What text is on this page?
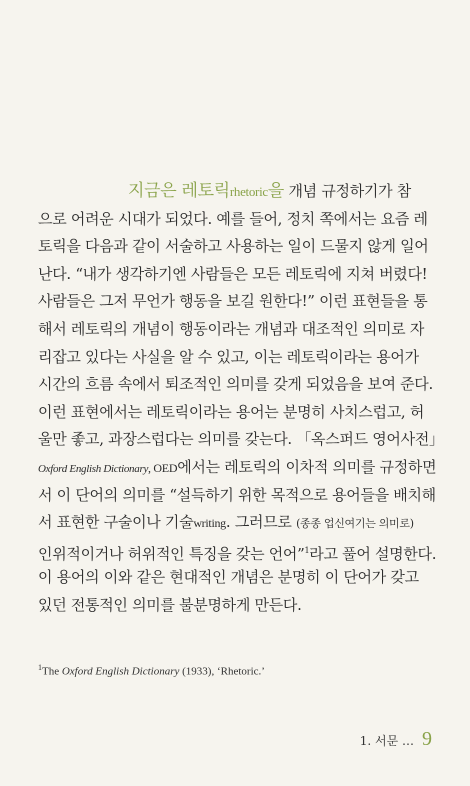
지금은 레토릭rhetoric을 개념 규정하기가 참
으로 어려운 시대가 되었다. 예를 들어, 정치 쪽에서는 요즘 레
토릭을 다음과 같이 서술하고 사용하는 일이 드물지 않게 일어
난다. “내가 생각하기엔 사람들은 모든 레토릭에 지쳐 버렸다!
사람들은 그저 무언가 행동을 보길 원한다!” 이런 표현들을 통
해서 레토릭의 개념이 행동이라는 개념과 대조적인 의미로 자
리잡고 있다는 사실을 알 수 있고, 이는 레토릭이라는 용어가
시간의 흐름 속에서 퇴조적인 의미를 갖게 되었음을 보여 준다.
이런 표현에서는 레토릭이라는 용어는 분명히 사치스럽고, 허
울만 좋고, 과장스럽다는 의미를 갖는다. 「옥스퍼드 영어사전」
Oxford English Dictionary, OED에서는 레토릭의 이차적 의미를 규정하면
서 이 단어의 의미를 “설득하기 위한 목적으로 용어들을 배치해
서 표현한 구술이나 기술writing. 그러므로 (종종 업신여기는 의미로)
인위적이거나 허위적인 특징을 갖는 언어”$^1$라고 풀어 설명한다.
이 용어의 이와 같은 현대적인 개념은 분명히 이 단어가 갖고
있던 전통적인 의미를 불분명하게 만든다.
$^1$The Oxford English Dictionary (1933), ‘Rhetoric.’
1. 서문 … 9
